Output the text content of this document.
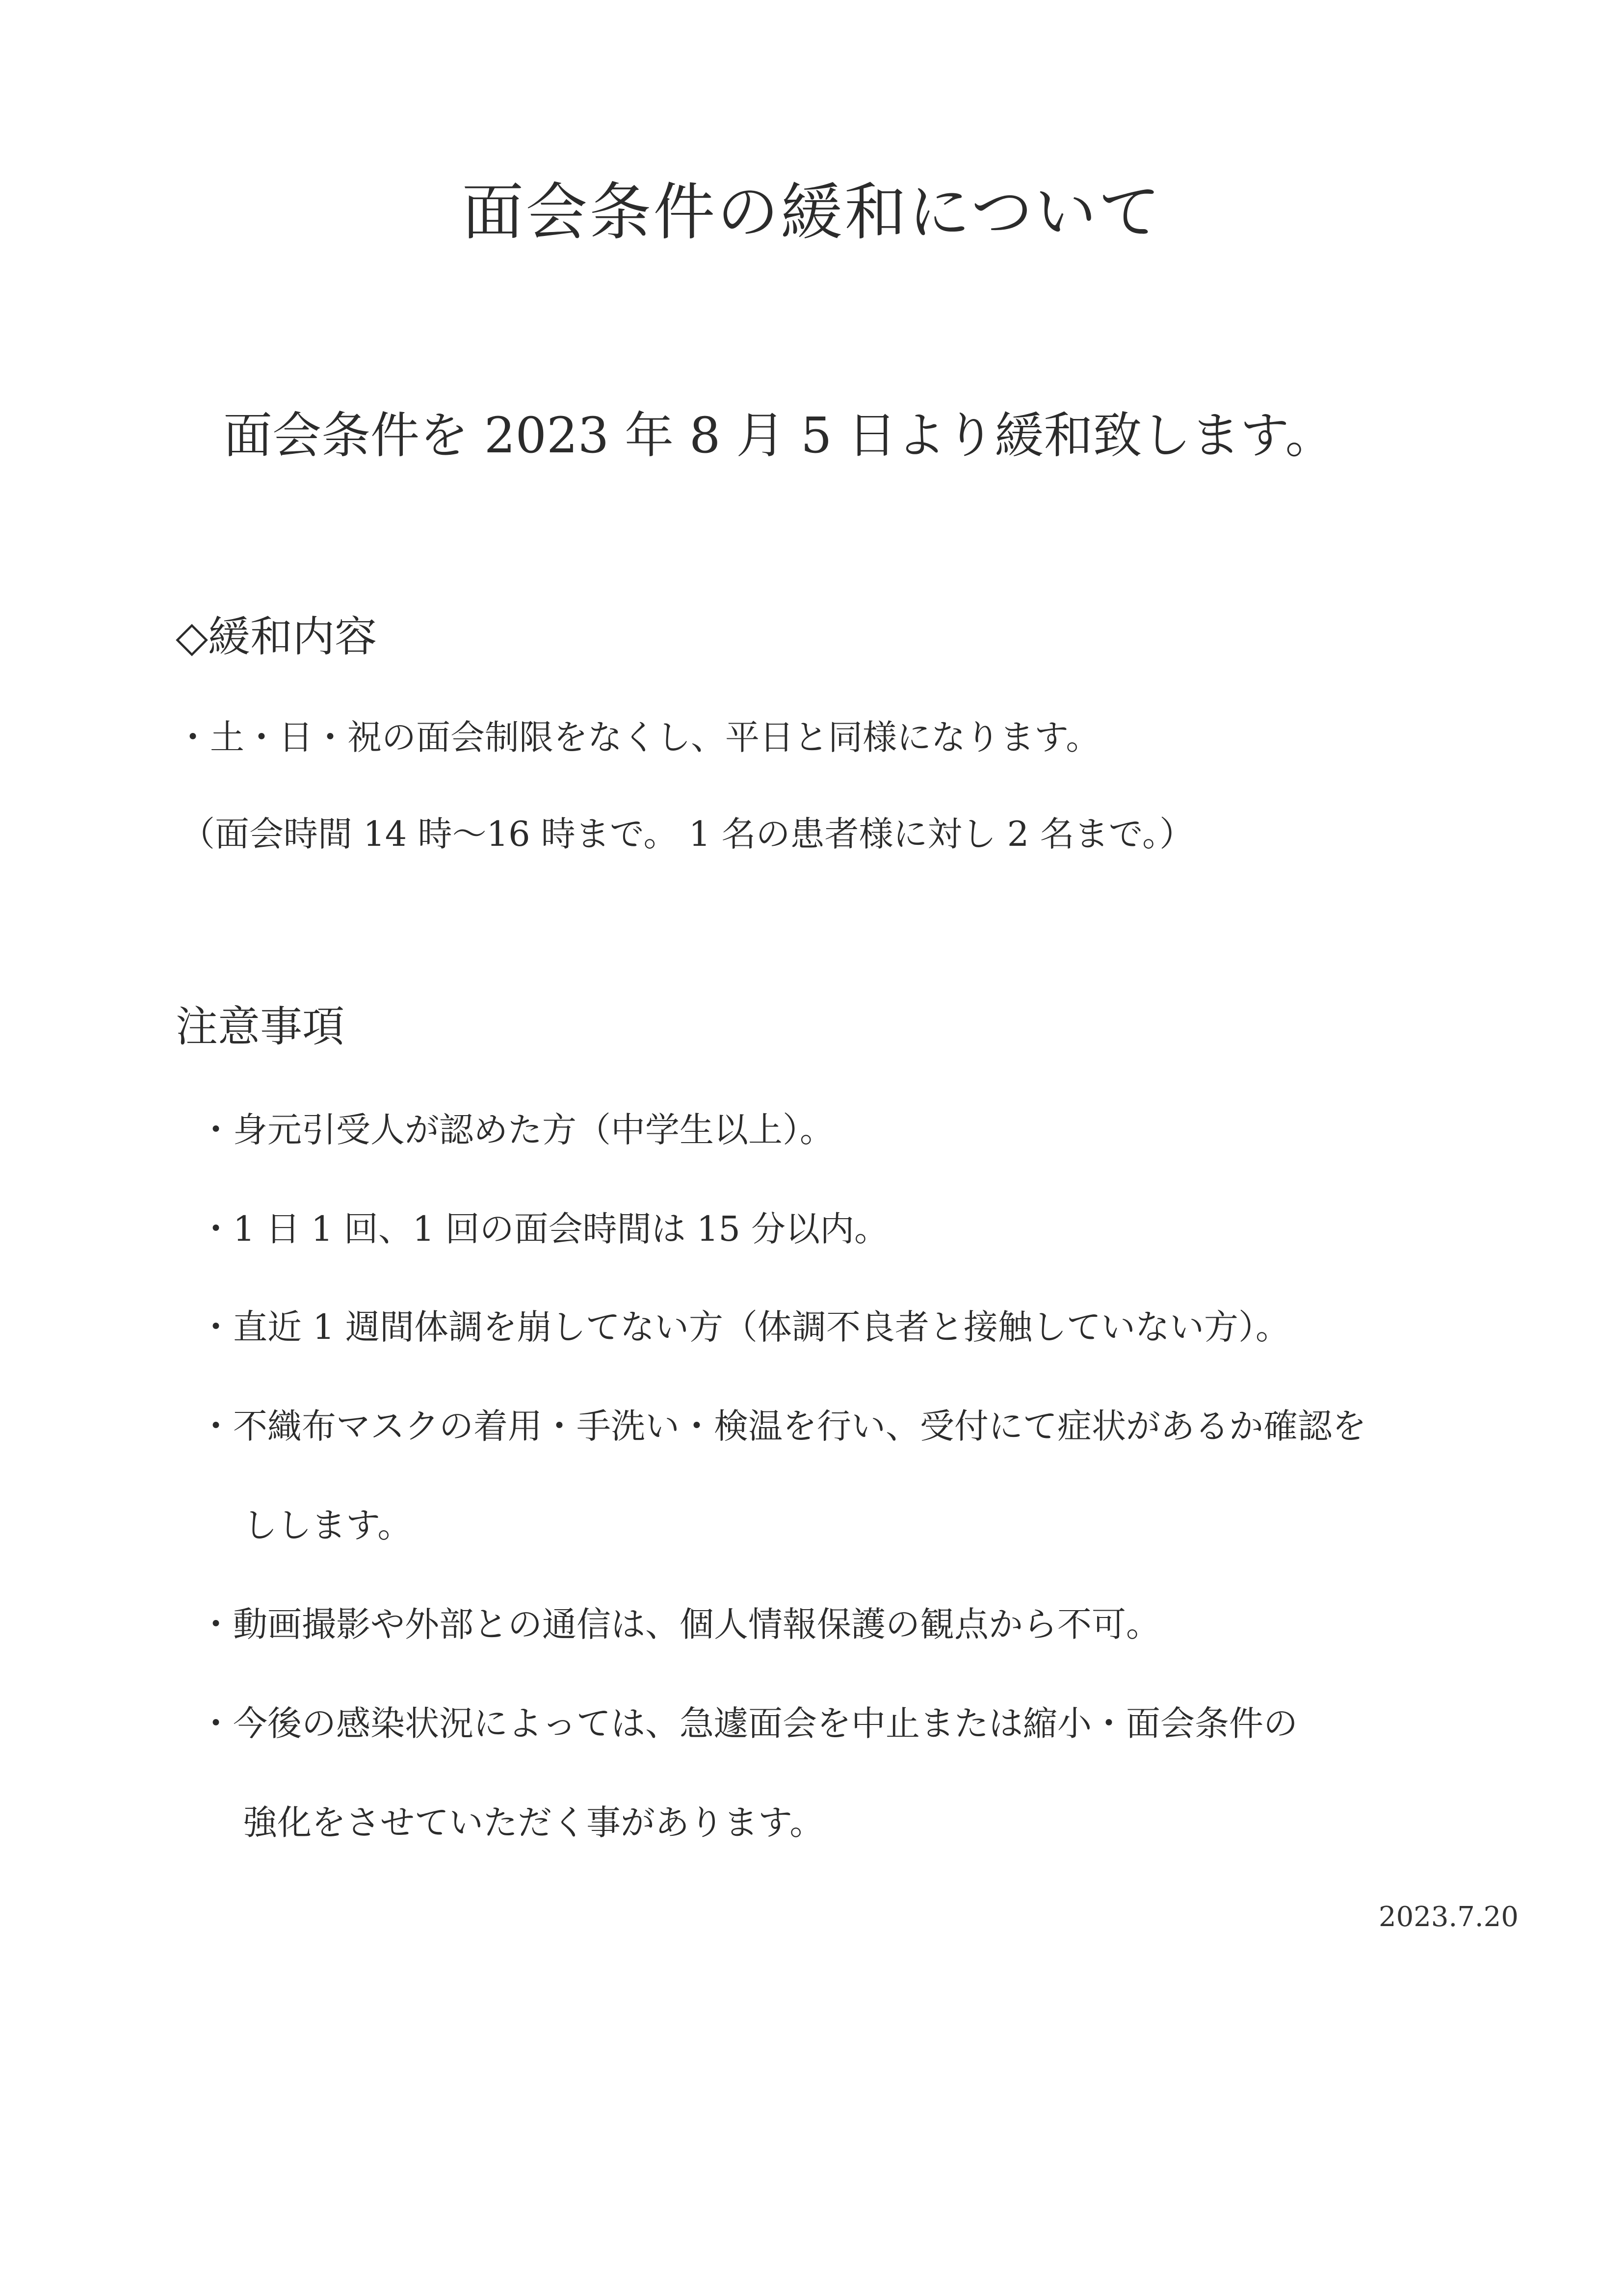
面会条件の緩和について
面会条件を 2023 年 8 月 5 日より緩和致します。
◇緩和内容
・土・日・祝の面会制限をなくし、平日と同様になります。
（面会時間 14 時～16 時まで。 1 名の患者様に対し 2 名まで。）
注意事項
・身元引受人が認めた方（中学生以上）。
・1 日 1 回、1 回の面会時間は 15 分以内。
・直近 1 週間体調を崩してない方（体調不良者と接触していない方）。
・不織布マスクの着用・手洗い・検温を行い、受付にて症状があるか確認を
しします。
・動画撮影や外部との通信は、個人情報保護の観点から不可。
・今後の感染状況によっては、急遽面会を中止または縮小・面会条件の
強化をさせていただく事があります。
2023.7.20
